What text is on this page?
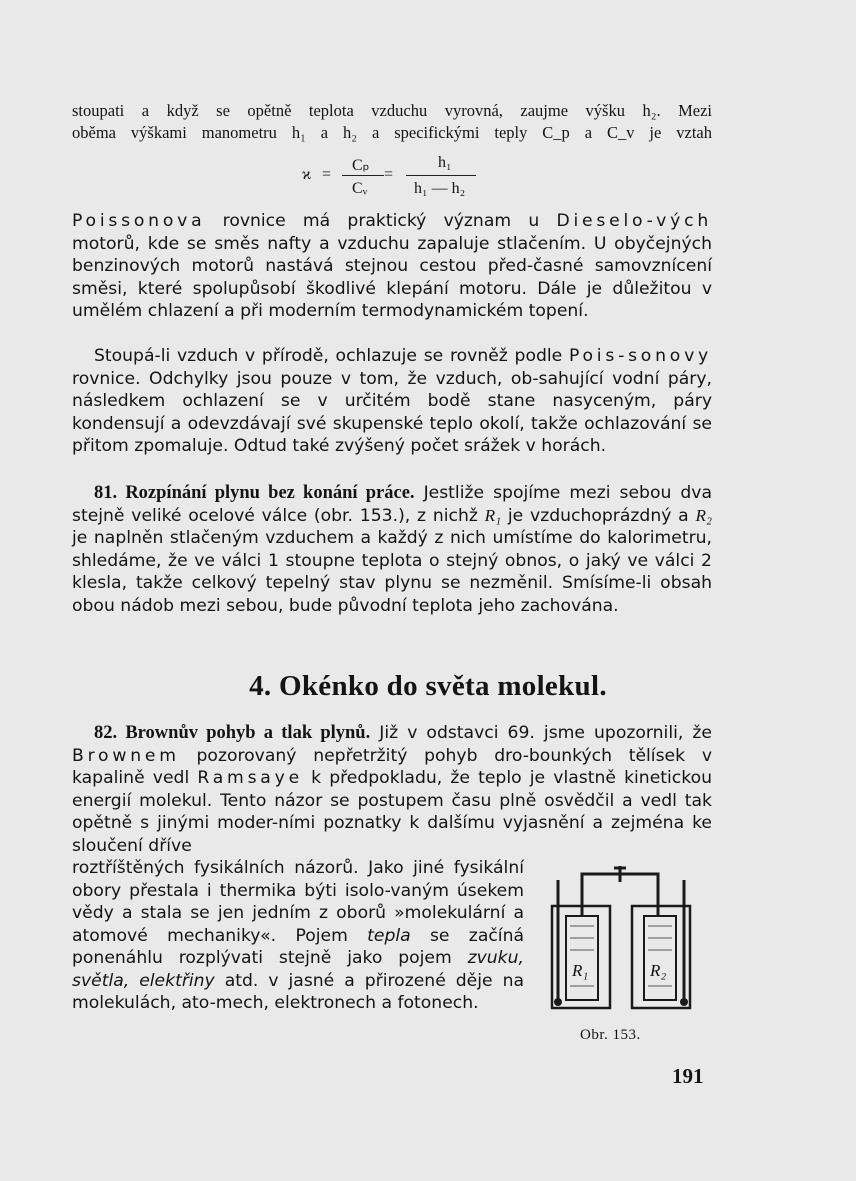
stoupati a když se opětně teplota vzduchu vyrovná, zaujme výšku h₂. Mezi

oběma výškami manometru h₁ a h₂ a specifickými teply C_p a C_v je vztah

ϰ =
Cₚ
Cᵥ
=
h₁
h₁ — h₂

Poissonova rovnice má praktický význam u Dieselo-vých motorů, kde se směs nafty a vzduchu zapaluje stlačením. U obyčejných benzinových motorů nastává stejnou cestou před-časné samovznícení směsi, které spolupůsobí škodlivé klepání motoru. Dále je důležitou v umělém chlazení a při moderním termodynamickém topení.

Stoupá-li vzduch v přírodě, ochlazuje se rovněž podle Pois-sonovy rovnice. Odchylky jsou pouze v tom, že vzduch, ob-sahující vodní páry, následkem ochlazení se v určitém bodě stane nasyceným, páry kondensují a odevzdávají své skupenské teplo okolí, takže ochlazování se přitom zpomaluje. Odtud také zvýšený počet srážek v horách.

81. Rozpínání plynu bez konání práce. Jestliže spojíme mezi sebou dva stejně veliké ocelové válce (obr. 153.), z nichž R₁ je vzduchoprázdný a R₂ je naplněn stlačeným vzduchem a každý z nich umístíme do kalorimetru, shledáme, že ve válci 1 stoupne teplota o stejný obnos, o jaký ve válci 2 klesla, takže celkový tepelný stav plynu se nezměnil. Smísíme-li obsah obou nádob mezi sebou, bude původní teplota jeho zachována.

4. Okénko do světa molekul.

82. Brownův pohyb a tlak plynů. Již v odstavci 69. jsme upozornili, že Brownem pozorovaný nepřetržitý pohyb dro-bounkých tělísek v kapalině vedl Ramsaye k předpokladu, že teplo je vlastně kinetickou energií molekul. Tento názor se postupem času plně osvědčil a vedl tak opětně s jinými moder-ními poznatky k dalšímu vyjasnění a zejména ke sloučení dříve

roztříštěných fysikálních názorů. Jako jiné fysikální obory přestala i thermika býti isolo-vaným úsekem vědy a stala se jen jedním z oborů »molekulární a atomové mechaniky«. Pojem tepla se začíná ponenáhlu rozplývati stejně jako pojem zvuku, světla, elektřiny atd. v jasné a přirozené děje na molekulách, ato-mech, elektronech a fotonech.

R₁	R₂
Obr. 153.
191
